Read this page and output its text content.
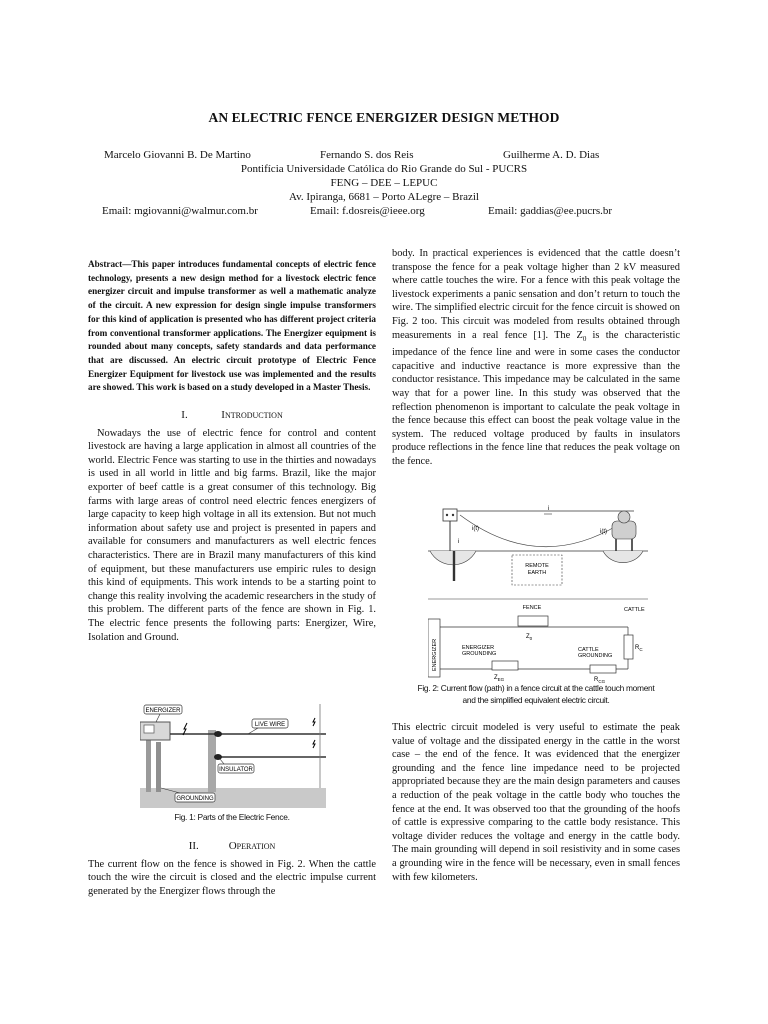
AN ELECTRIC FENCE ENERGIZER DESIGN METHOD
Marcelo Giovanni B. De Martino	Fernando S. dos Reis	Guilherme A. D. Dias
Pontifícia Universidade Católica do Rio Grande do Sul - PUCRS
FENG – DEE – LEPUC
Av. Ipiranga, 6681 – Porto ALegre – Brazil
Email: mgiovanni@walmur.com.br	Email: f.dosreis@ieee.org	Email: gaddias@ee.pucrs.br

Abstract—This paper introduces fundamental concepts of electric fence technology, presents a new design method for a livestock electric fence energizer circuit and impulse transformer as well a mathematic analyze of the circuit. A new expression for design single impulse transformers for this kind of application is presented who has different project criteria from conventional transformer applications. The Energizer equipment is rounded about many concepts, safety standards and data performance that are discussed. An electric circuit prototype of Electric Fence Energizer Equipment for livestock use was implemented and the results are showed. This work is based on a study developed in a Master Thesis.

I.	Introduction

Nowadays the use of electric fence for control and content livestock are having a large application in almost all countries of the world. Electric Fence was starting to use in the thirties and nowadays is used in all world in little and big farms. Brazil, like the major exporter of beef cattle is a great consumer of this technology. Big farms with large areas of control need electric fences energizers of large capacity to keep high voltage in all its extension. But not much information about safety use and project is presented in papers and available for consumers and manufacturers as well electric fences characteristics. There are in Brazil many manufacturers of this kind of equipment, but these manufacturers use empiric rules to design this kind of equipments. This work intends to be a starting point to change this reality involving the academic researchers in the study of this problem. The different parts of the fence are shown in Fig. 1. The electric fence presents the following parts: Energizer, Wire, Isolation and Ground.

ENERGIZER
LIVE WIRE
INSULATOR
GROUNDING
Fig. 1: Parts of the Electric Fence.

II.	Operation

The current flow on the fence is showed in Fig. 2. When the cattle touch the wire the circuit is closed and the electric impulse current generated by the Energizer flows through the

body. In practical experiences is evidenced that the cattle doesn’t transpose the fence for a peak voltage higher than 2 kV measured where cattle touches the wire. For a fence with this peak voltage the livestock experiments a panic sensation and don’t return to touch the wire. The simplified electric circuit for the fence circuit is showed on Fig. 2 too. This circuit was modeled from results obtained through measurements in a real fence [1]. The $Z_0$ is the characteristic impedance of the fence line and were in some cases the conductor capacitive and inductive reactance is more expressive than the conductor resistance. This impedance may be calculated in the same way that for a power line. In this study was observed that the reflection phenomenon is important to calculate the peak voltage in the fence because this effect can boost the peak voltage value in the system. The reduced voltage produced by faults in insulators produce reflections in the fence line that reduces the peak voltage on the fence.

i
i(t)	i(t)
i
REMOTE
EARTH
ENERGIZER
FENCE
$Z_0$
ENERGIZER
GROUNDING
$Z_{EG}$
CATTLE
$R_C$
CATTLE
GROUNDING
$R_{CG}$
Fig. 2: Current flow (path) in a fence circuit at the cattle touch moment
and the simplified equivalent electric circuit.

This electric circuit modeled is very useful to estimate the peak value of voltage and the dissipated energy in the cattle in the worst case – the end of the fence. It was evidenced that the energizer grounding and the fence line impedance need to be projected appropriated because they are the main design parameters and causes a reduction of the peak voltage in the cattle body who touches the fence at the end. It was observed too that the grounding of the hoofs of cattle is expressive comparing to the cattle body resistance. This voltage divider reduces the voltage and energy in the cattle body. The main grounding will depend in soil resistivity and in some cases a grounding wire in the fence will be necessary, even in small fences with few kilometers.
